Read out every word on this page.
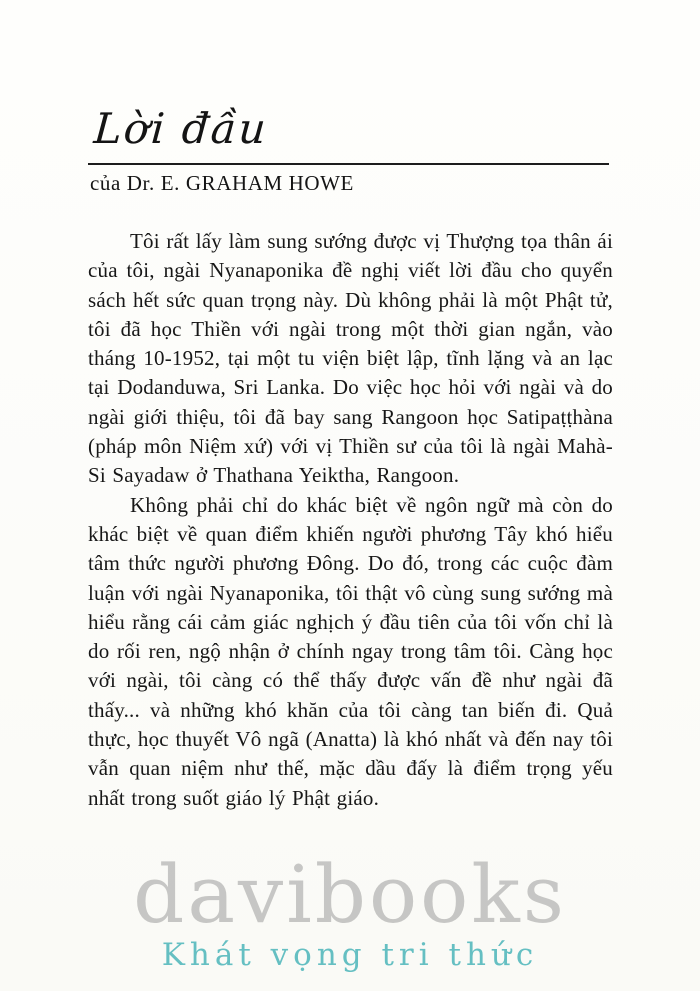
Lời đầu
của Dr. E. GRAHAM HOWE

Tôi rất lấy làm sung sướng được vị Thượng tọa thân ái của tôi, ngài Nyanaponika đề nghị viết lời đầu cho quyển sách hết sức quan trọng này. Dù không phải là một Phật tử, tôi đã học Thiền với ngài trong một thời gian ngắn, vào tháng 10-1952, tại một tu viện biệt lập, tĩnh lặng và an lạc tại Dodanduwa, Sri Lanka. Do việc học hỏi với ngài và do ngài giới thiệu, tôi đã bay sang Rangoon học Satipaṭṭhàna (pháp môn Niệm xứ) với vị Thiền sư của tôi là ngài Mahà-Si Sayadaw ở Thathana Yeiktha, Rangoon.

Không phải chỉ do khác biệt về ngôn ngữ mà còn do khác biệt về quan điểm khiến người phương Tây khó hiểu tâm thức người phương Đông. Do đó, trong các cuộc đàm luận với ngài Nyanaponika, tôi thật vô cùng sung sướng mà hiểu rằng cái cảm giác nghịch ý đầu tiên của tôi vốn chỉ là do rối ren, ngộ nhận ở chính ngay trong tâm tôi. Càng học với ngài, tôi càng có thể thấy được vấn đề như ngài đã thấy... và những khó khăn của tôi càng tan biến đi. Quả thực, học thuyết Vô ngã (Anatta) là khó nhất và đến nay tôi vẫn quan niệm như thế, mặc dầu đấy là điểm trọng yếu nhất trong suốt giáo lý Phật giáo.

davibooks
Khát vọng tri thức
